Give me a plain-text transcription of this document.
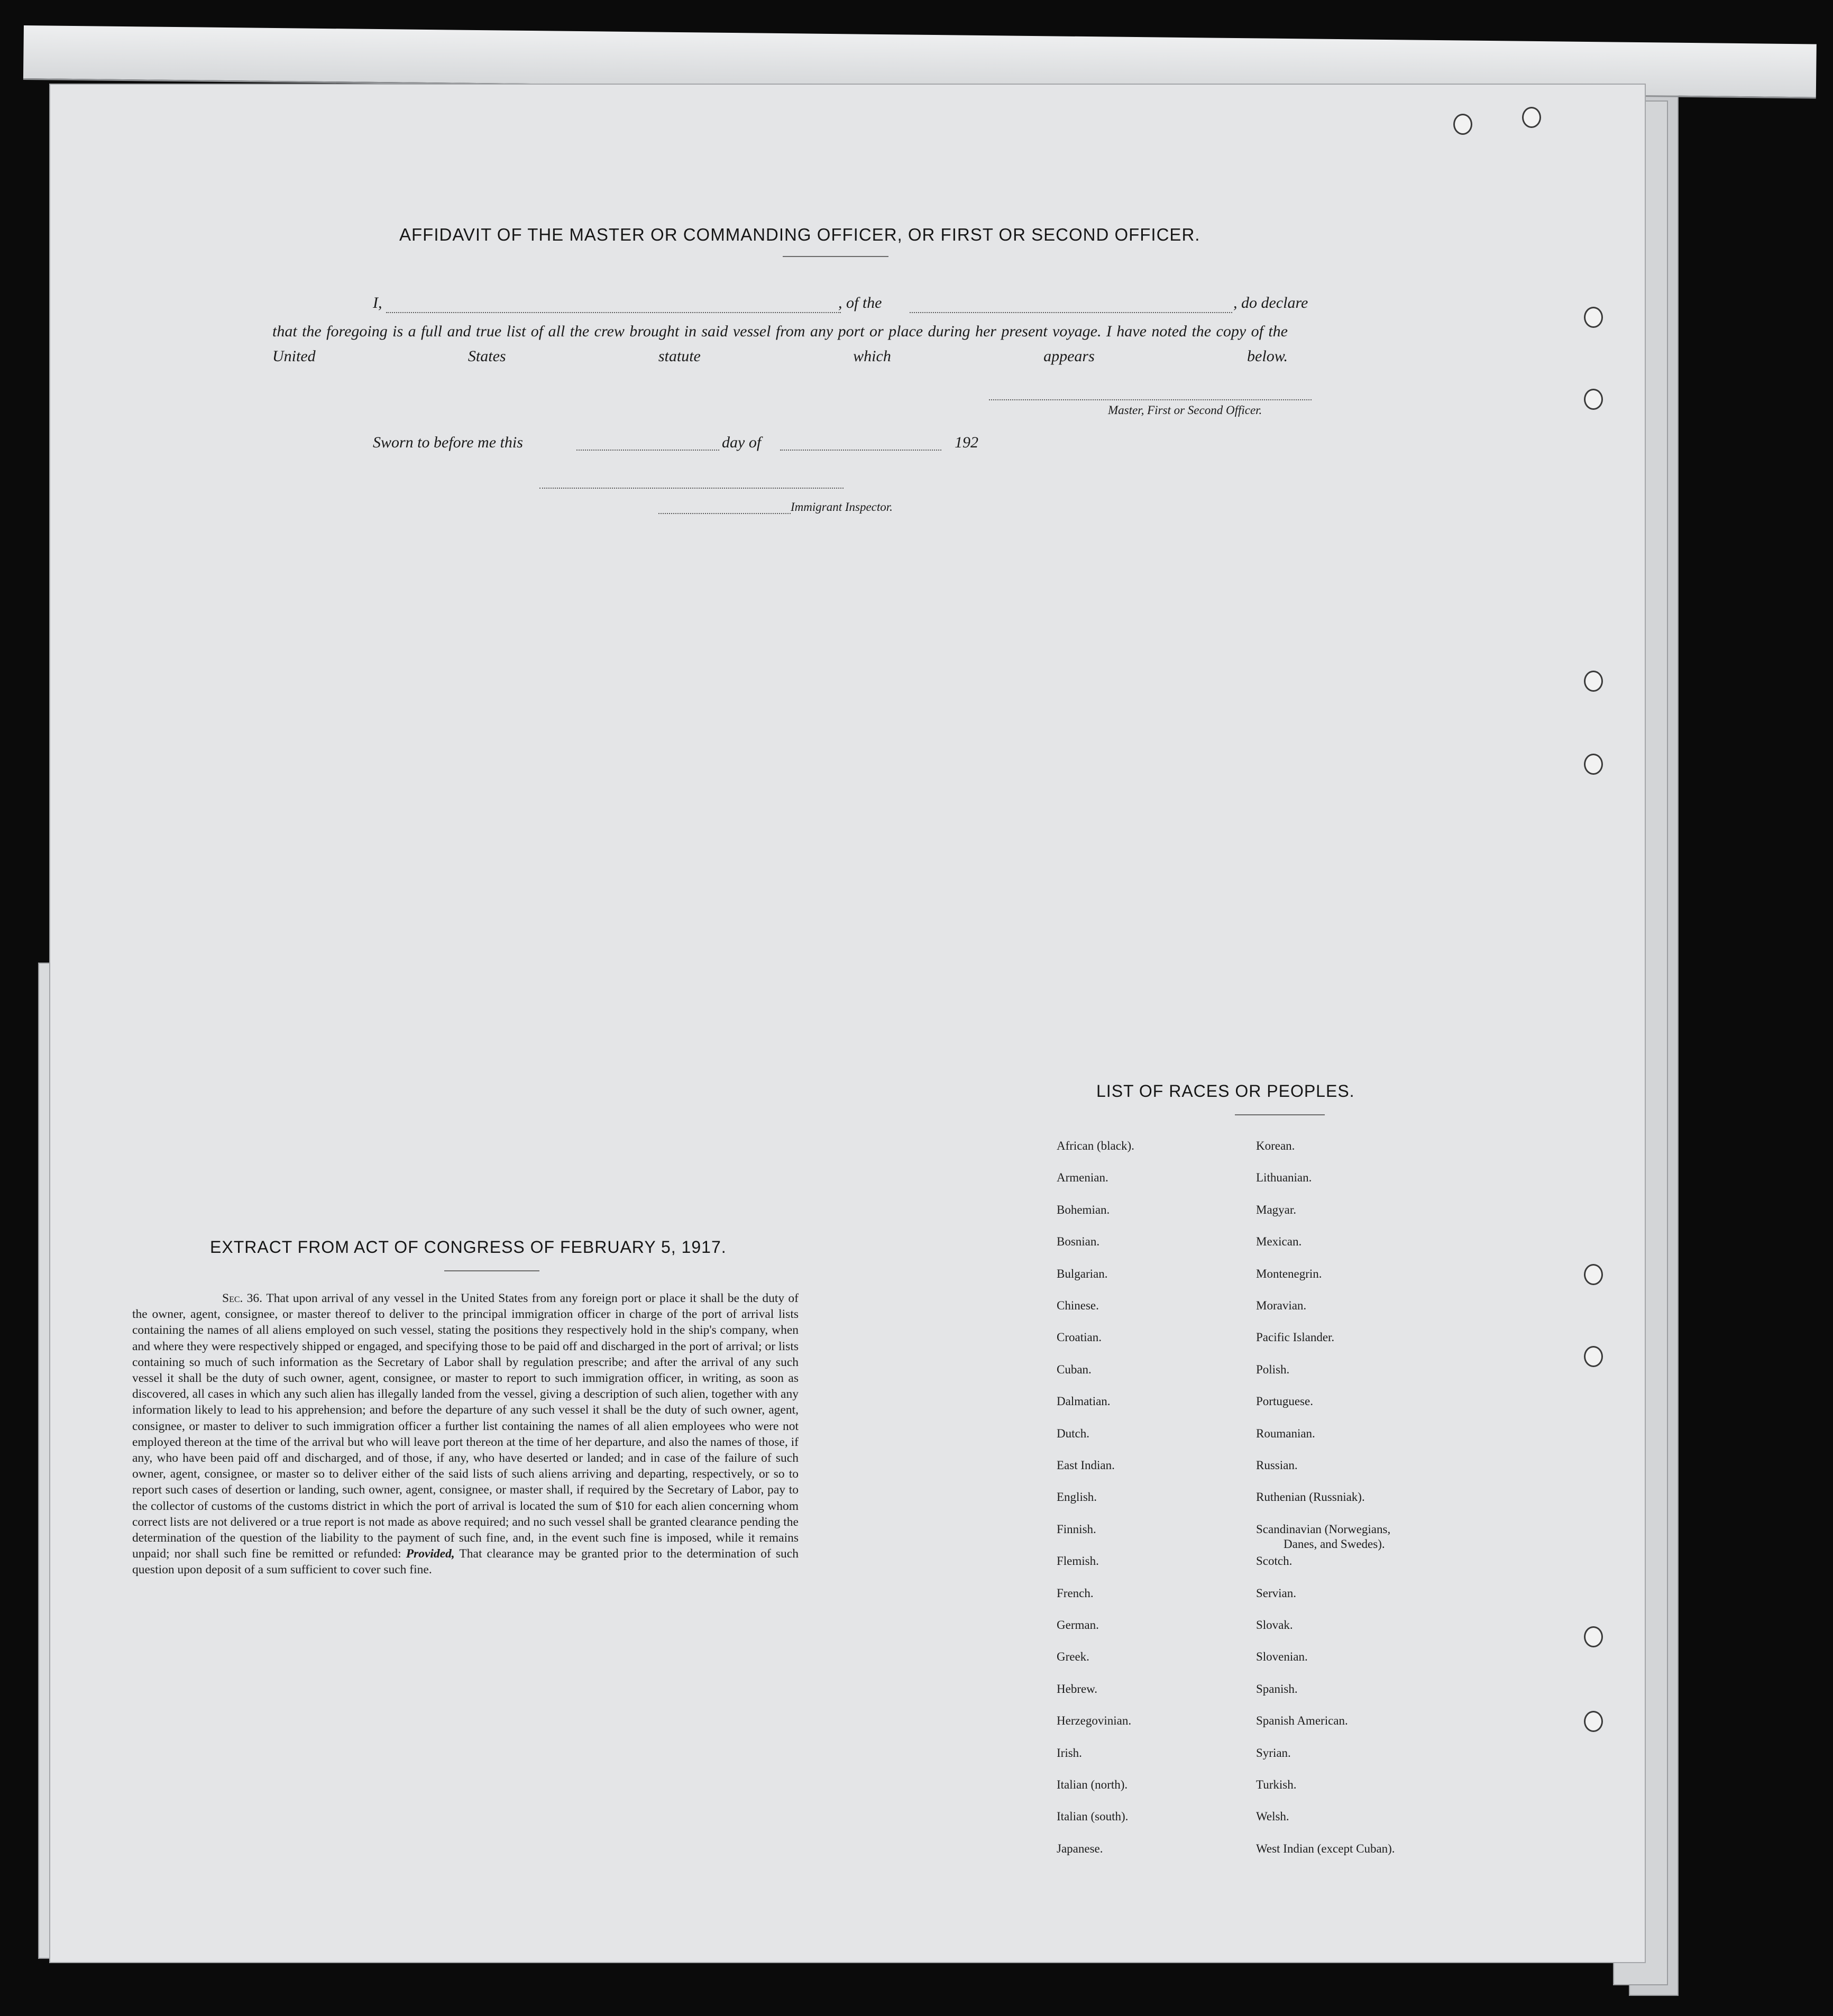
AFFIDAVIT OF THE MASTER OR COMMANDING OFFICER, OR FIRST OR SECOND OFFICER.
I,	, of the	, do declare
that the foregoing is a full and true list of all the crew brought in said vessel from any port or place during her present voyage. I have noted the copy of the United States statute which appears below.
Master, First or Second Officer.
Sworn to before me this	day of	192
Immigrant Inspector.
EXTRACT FROM ACT OF CONGRESS OF FEBRUARY 5, 1917.
Sec. 36. That upon arrival of any vessel in the United States from any foreign port or place it shall be the duty of the owner, agent, consignee, or master thereof to deliver to the principal immigration officer in charge of the port of arrival lists containing the names of all aliens employed on such vessel, stating the positions they respectively hold in the ship's company, when and where they were respectively shipped or engaged, and specifying those to be paid off and discharged in the port of arrival; or lists containing so much of such information as the Secretary of Labor shall by regulation prescribe; and after the arrival of any such vessel it shall be the duty of such owner, agent, consignee, or master to report to such immigration officer, in writing, as soon as discovered, all cases in which any such alien has illegally landed from the vessel, giving a description of such alien, together with any information likely to lead to his apprehension; and before the departure of any such vessel it shall be the duty of such owner, agent, consignee, or master to deliver to such immigration officer a further list containing the names of all alien employees who were not employed thereon at the time of the arrival but who will leave port thereon at the time of her departure, and also the names of those, if any, who have been paid off and discharged, and of those, if any, who have deserted or landed; and in case of the failure of such owner, agent, consignee, or master so to deliver either of the said lists of such aliens arriving and departing, respectively, or so to report such cases of desertion or landing, such owner, agent, consignee, or master shall, if required by the Secretary of Labor, pay to the collector of customs of the customs district in which the port of arrival is located the sum of $10 for each alien concerning whom correct lists are not delivered or a true report is not made as above required; and no such vessel shall be granted clearance pending the determination of the question of the liability to the payment of such fine, and, in the event such fine is imposed, while it remains unpaid; nor shall such fine be remitted or refunded: Provided, That clearance may be granted prior to the determination of such question upon deposit of a sum sufficient to cover such fine.
LIST OF RACES OR PEOPLES.
African (black).
Armenian.
Bohemian.
Bosnian.
Bulgarian.
Chinese.
Croatian.
Cuban.
Dalmatian.
Dutch.
East Indian.
English.
Finnish.
Flemish.
French.
German.
Greek.
Hebrew.
Herzegovinian.
Irish.
Italian (north).
Italian (south).
Japanese.
Korean.
Lithuanian.
Magyar.
Mexican.
Montenegrin.
Moravian.
Pacific Islander.
Polish.
Portuguese.
Roumanian.
Russian.
Ruthenian (Russniak).
Scandinavian (Norwegians,
Scotch.
Servian.
Slovak.
Slovenian.
Spanish.
Spanish American.
Syrian.
Turkish.
Welsh.
West Indian (except Cuban).
Danes, and Swedes).
